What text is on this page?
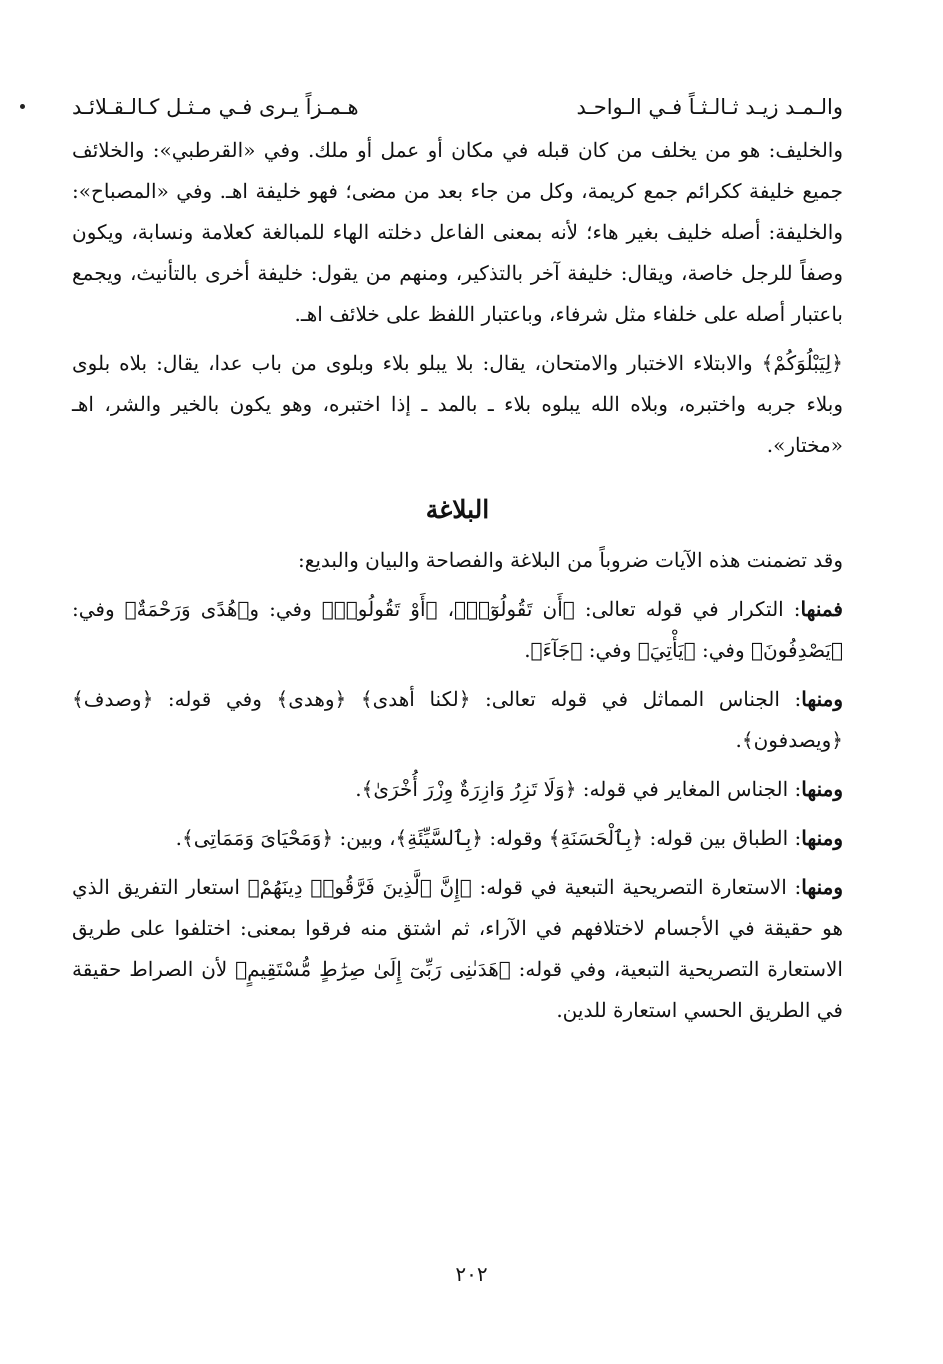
والـمـد زيـد ثـالـثـاً فـي الـواحـد
هـمـزاً يـرى فـي مـثـل كـالـقـلائـد

والخليف: هو من يخلف من كان قبله في مكان أو عمل أو ملك. وفي «القرطبي»: والخلائف جميع خليفة ككرائم جمع كريمة، وكل من جاء بعد من مضى؛ فهو خليفة اهـ. وفي «المصباح»: والخليفة: أصله خليف بغير هاء؛ لأنه بمعنى الفاعل دخلته الهاء للمبالغة كعلامة ونسابة، ويكون وصفاً للرجل خاصة، ويقال: خليفة آخر بالتذكير، ومنهم من يقول: خليفة أخرى بالتأنيث، ويجمع باعتبار أصله على خلفاء مثل شرفاء، وباعتبار اللفظ على خلائف اهـ.

﴿لِيَبْلُوَكُمْ﴾ والابتلاء الاختبار والامتحان، يقال: بلا يبلو بلاء وبلوى من باب عدا، يقال: بلاه بلوى وبلاء جربه واختبره، وبلاه الله يبلوه بلاء ـ بالمد ـ إذا اختبره، وهو يكون بالخير والشر، اهـ «مختار».

البلاغة

وقد تضمنت هذه الآيات ضروباً من البلاغة والفصاحة والبيان والبديع:

فمنها: التكرار في قوله تعالى: ﴿أَن تَقُولُوٓا۟﴾، ﴿أَوْ تَقُولُوا۟﴾ وفي: و﴿هُدًى وَرَحْمَةٌ﴾ وفي: ﴿يَصْدِفُونَ﴾ وفي: ﴿يَأْتِيَ﴾ وفي: ﴿جَآءَ﴾.

ومنها: الجناس المماثل في قوله تعالى: ﴿لكنا أهدى﴾ ﴿وهدى﴾ وفي قوله: ﴿وصدف﴾ ﴿ويصدفون﴾.

ومنها: الجناس المغاير في قوله: ﴿وَلَا تَزِرُ وَازِرَةٌ وِزْرَ أُخْرَىٰ﴾.

ومنها: الطباق بين قوله: ﴿بِٱلْحَسَنَةِ﴾ وقوله: ﴿بِٱلسَّيِّئَةِ﴾، وبين: ﴿وَمَحْيَاىَ وَمَمَاتِى﴾.

ومنها: الاستعارة التصريحية التبعية في قوله: ﴿إِنَّ ٱلَّذِينَ فَرَّقُوا۟ دِينَهُمْ﴾ استعار التفريق الذي هو حقيقة في الأجسام لاختلافهم في الآراء، ثم اشتق منه فرقوا بمعنى: اختلفوا على طريق الاستعارة التصريحية التبعية، وفي قوله: ﴿هَدَىٰنِى رَبِّىٓ إِلَىٰ صِرَٰطٍ مُّسْتَقِيمٍ﴾ لأن الصراط حقيقة في الطريق الحسي استعارة للدين.

٢٠٢
